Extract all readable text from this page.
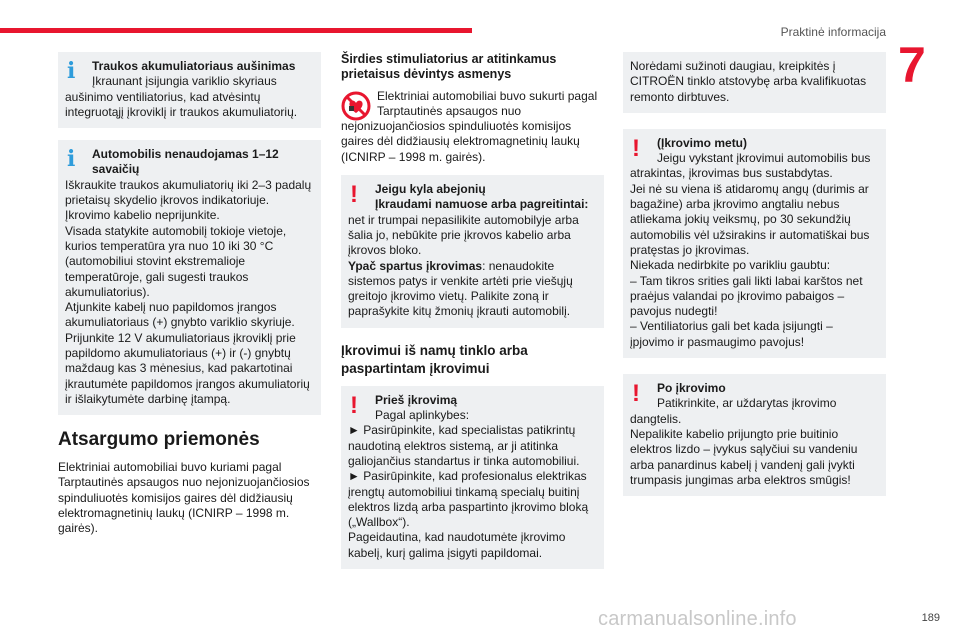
Praktinė informacija
7
i Traukos akumuliatoriaus aušinimas

Įkraunant įsijungia variklio skyriaus

aušinimo ventiliatorius, kad atvėsintų integruotąjį įkroviklį ir traukos akumuliatorių.

i Automobilis nenaudojamas 1–12

savaičių

Iškraukite traukos akumuliatorių iki 2–3 padalų prietaisų skydelio įkrovos indikatoriuje.
Įkrovimo kabelio neprijunkite.
Visada statykite automobilį tokioje vietoje, kurios temperatūra yra nuo 10 iki 30 °C (automobiliui stovint ekstremalioje temperatūroje, gali sugesti traukos akumuliatorius).
Atjunkite kabelį nuo papildomos įrangos akumuliatoriaus (+) gnybto variklio skyriuje.
Prijunkite 12 V akumuliatoriaus įkroviklį prie papildomo akumuliatoriaus (+) ir (-) gnybtų maždaug kas 3 mėnesius, kad pakartotinai įkrautumėte papildomos įrangos akumuliatorių ir išlaikytumėte darbinę įtampą.

Atsargumo priemonės

Elektriniai automobiliai buvo kuriami pagal Tarptautinės apsaugos nuo nejonizuojančiosios spinduliuotės komisijos gaires dėl didžiausių elektromagnetinių laukų (ICNIRP – 1998 m. gairės).

Širdies stimuliatorius ar atitinkamus prietaisus dėvintys asmenys

Elektriniai automobiliai buvo sukurti pagal Tarptautinės apsaugos nuo

nejonizuojančiosios spinduliuotės komisijos gaires dėl didžiausių elektromagnetinių laukų (ICNIRP – 1998 m. gairės).

! Jeigu kyla abejonių

Įkraudami namuose arba pagreitintai:

net ir trumpai nepasilikite automobilyje arba šalia jo, nebūkite prie įkrovos kabelio arba įkrovos bloko.

Ypač spartus įkrovimas: nenaudokite sistemos patys ir venkite artėti prie viešųjų greitojo įkrovimo vietų. Palikite zoną ir paprašykite kitų žmonių įkrauti automobilį.

Įkrovimui iš namų tinklo arba paspartintam įkrovimui
! Prieš įkrovimą

Pagal aplinkybes:

► Pasirūpinkite, kad specialistas patikrintų naudotiną elektros sistemą, ar ji atitinka galiojančius standartus ir tinka automobiliui.
► Pasirūpinkite, kad profesionalus elektrikas įrengtų automobiliui tinkamą specialų buitinį elektros lizdą arba paspartinto įkrovimo bloką („Wallbox“).
Pageidautina, kad naudotumėte įkrovimo kabelį, kurį galima įsigyti papildomai.

Norėdami sužinoti daugiau, kreipkitės į CITROËN tinklo atstovybę arba kvalifikuotas remonto dirbtuves.

! (Įkrovimo metu)

Jeigu vykstant įkrovimui automobilis bus

atrakintas, įkrovimas bus sustabdytas.
Jei nė su viena iš atidaromų angų (durimis ar bagažine) arba įkrovimo angtaliu nebus atliekama jokių veiksmų, po 30 sekundžių automobilis vėl užsirakins ir automatiškai bus pratęstas jo įkrovimas.
Niekada nedirbkite po varikliu gaubtu:
– Tam tikros srities gali likti labai karštos net praėjus valandai po įkrovimo pabaigos – pavojus nudegti!
– Ventiliatorius gali bet kada įsijungti – įpjovimo ir pasmaugimo pavojus!

! Po įkrovimo

Patikrinkite, ar uždarytas įkrovimo

dangtelis.
Nepalikite kabelio prijungto prie buitinio elektros lizdo – įvykus sąlyčiui su vandeniu arba panardinus kabelį į vandenį gali įvykti trumpasis jungimas arba elektros smūgis!

carmanualsonline.info	189
